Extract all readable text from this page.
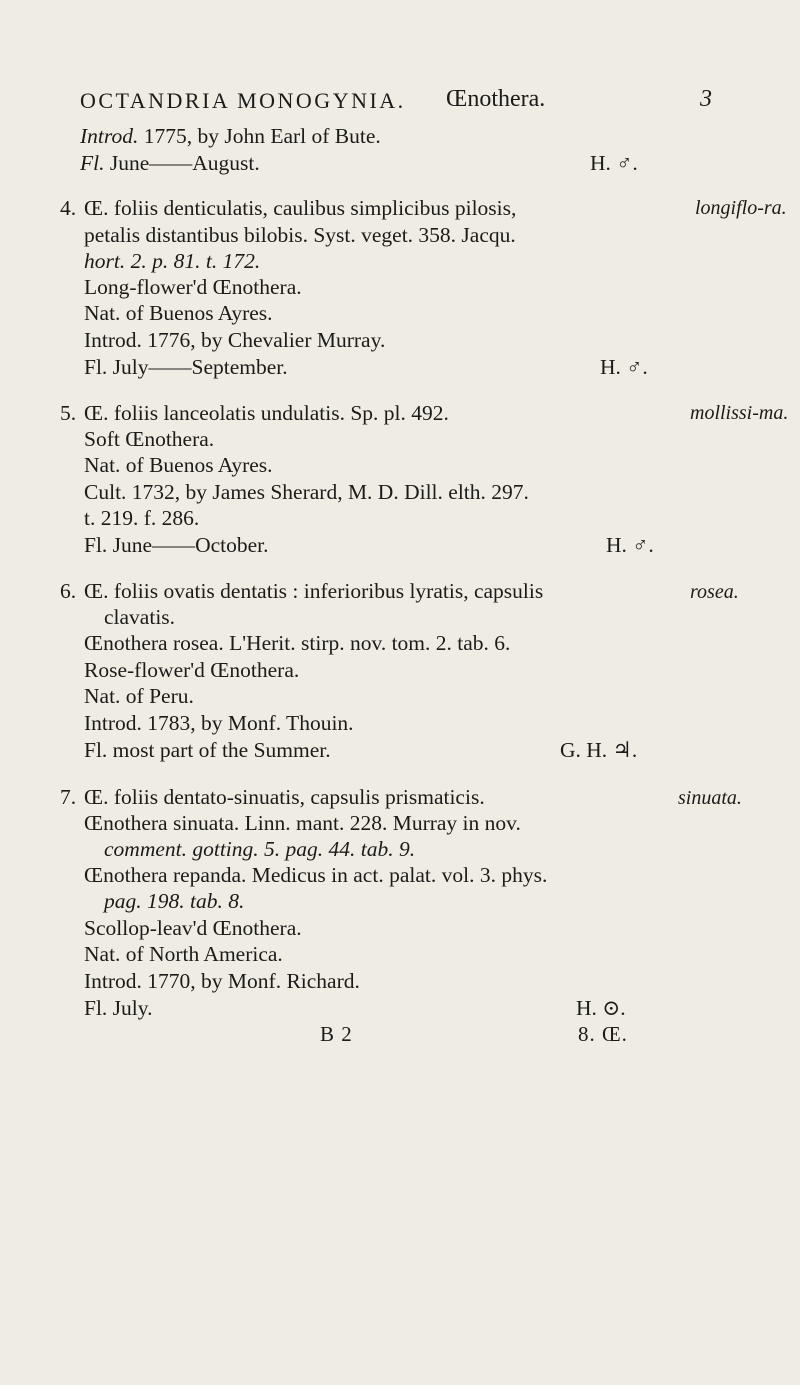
OCTANDRIA MONOGYNIA. Œnothera.	3
Introd. 1775, by John Earl of Bute.
Fl. June——August.	H. ♂.
4. Œ. foliis denticulatis, caulibus simplicibus pilosis,
petalis distantibus bilobis. Syst. veget. 358. Jacqu.
hort. 2. p. 81. t. 172.
Long-flower'd Œnothera.
Nat. of Buenos Ayres.
Introd. 1776, by Chevalier Murray.
Fl. July——September.	H. ♂.
longiflo-ra.
5. Œ. foliis lanceolatis undulatis. Sp. pl. 492.
Soft Œnothera.
Nat. of Buenos Ayres.
Cult. 1732, by James Sherard, M. D. Dill. elth. 297.
t. 219. f. 286.
Fl. June——October.	H. ♂.
mollissi-ma.
6. Œ. foliis ovatis dentatis : inferioribus lyratis, capsulis
clavatis.
Œnothera rosea. L'Herit. stirp. nov. tom. 2. tab. 6.
Rose-flower'd Œnothera.
Nat. of Peru.
Introd. 1783, by Monf. Thouin.
Fl. most part of the Summer.	G. H. ♃.
rosea.
7. Œ. foliis dentato-sinuatis, capsulis prismaticis.
Œnothera sinuata. Linn. mant. 228. Murray in nov.
comment. gotting. 5. pag. 44. tab. 9.
Œnothera repanda. Medicus in act. palat. vol. 3. phys.
pag. 198. tab. 8.
Scollop-leav'd Œnothera.
Nat. of North America.
Introd. 1770, by Monf. Richard.
Fl. July.	H. ⊙.
sinuata.
B 2	8. Œ.
